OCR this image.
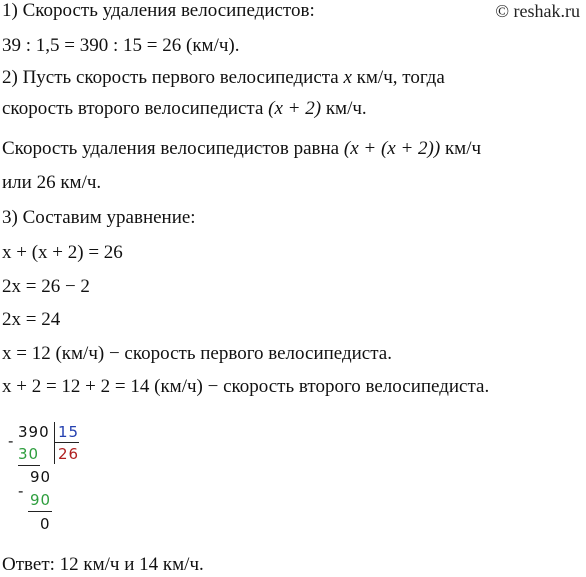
© reshak.ru
1) Скорость удаления велосипедистов:
39 : 1,5 = 390 : 15 = 26 (км/ч).
2) Пусть скорость первого велосипедиста x км/ч, тогда
скорость второго велосипедиста (x + 2) км/ч.
Скорость удаления велосипедистов равна (x + (x + 2)) км/ч
или 26 км/ч.
3) Составим уравнение:
x + (x + 2) = 26
2x = 26 − 2
2x = 24
x = 12 (км/ч) − скорость первого велосипедиста.
x + 2 = 12 + 2 = 14 (км/ч) − скорость второго велосипедиста.
- 390 15
30 26
90
- 90
0
Ответ: 12 км/ч и 14 км/ч.
